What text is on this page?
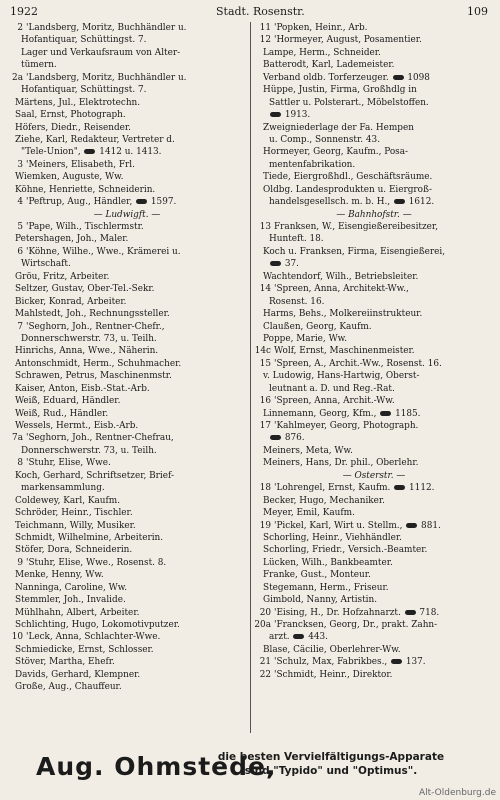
1922	Stadt. Rosenstr.	109
2 'Landsberg, Moritz, Buchhändler u.
Hofantiquar, Schüttingst. 7.
Lager und Verkaufsraum von Alter-
tümern.
2a 'Landsberg, Moritz, Buchhändler u.
Hofantiquar, Schüttingst. 7.
Märtens, Jul., Elektrotechn.
Saal, Ernst, Photograph.
Höfers, Diedr., Reisender.
Ziehe, Karl, Redakteur, Vertreter d.
"Tele-Union",  1412 u. 1413.
3 'Meiners, Elisabeth, Frl.
Wiemken, Auguste, Ww.
Köhne, Henriette, Schneiderin.
4 'Peftrup, Aug., Händler,  1597.
— Ludwigft. —
5 'Pape, Wilh., Tischlermstr.
Petershagen, Joh., Maler.
6 'Köhne, Wilhe., Wwe., Krämerei u.
Wirtschaft.
Gröu, Fritz, Arbeiter.
Seltzer, Gustav, Ober-Tel.-Sekr.
Bicker, Konrad, Arbeiter.
Mahlstedt, Joh., Rechnungssteller.
7 'Seghorn, Joh., Rentner-Chefr.,
Donnerschwerstr. 73, u. Teilh.
Hinrichs, Anna, Wwe., Näherin.
Antonschmidt, Herm., Schuhmacher.
Schrawen, Petrus, Maschinenmstr.
Kaiser, Anton, Eisb.-Stat.-Arb.
Weiß, Eduard, Händler.
Weiß, Rud., Händler.
Wessels, Hermt., Eisb.-Arb.
7a 'Seghorn, Joh., Rentner-Chefrau,
Donnerschwerstr. 73, u. Teilh.
8 'Stuhr, Elise, Wwe.
Koch, Gerhard, Schriftsetzer, Brief-
markensammlung.
Coldewey, Karl, Kaufm.
Schröder, Heinr., Tischler.
Teichmann, Willy, Musiker.
Schmidt, Wilhelmine, Arbeiterin.
Stöfer, Dora, Schneiderin.
9 'Stuhr, Elise, Wwe., Rosenst. 8.
Menke, Henny, Ww.
Nanninga, Caroline, Ww.
Stemmler, Joh., Invalide.
Mühlhahn, Albert, Arbeiter.
Schlichting, Hugo, Lokomotivputzer.
10 'Leck, Anna, Schlachter-Wwe.
Schmiedicke, Ernst, Schlosser.
Stöver, Martha, Ehefr.
Davids, Gerhard, Klempner.
Große, Aug., Chauffeur.
11 'Popken, Heinr., Arb.
12 'Hormeyer, August, Posamentier.
Lampe, Herm., Schneider.
Batterodt, Karl, Lademeister.
Verband oldb. Torferzeuger.  1098
Hüppe, Justin, Firma, Großhdlg in
Sattler u. Polsterart., Möbelstoffen.
1913.
Zweigniederlage der Fa. Hempen
u. Comp., Sonnenstr. 43.
Hormeyer, Georg, Kaufm., Posa-
mentenfabrikation.
Tiede, Eiergroßhdl., Geschäftsräume.
Oldbg. Landesprodukten u. Eiergroß-
handelsgesellsch. m. b. H.,  1612.
— Bahnhofstr. —
13 Franksen, W., Eisengießereibesitzer,
Hunteft. 18.
Koch u. Franksen, Firma, Eisengießerei,
37.
Wachtendorf, Wilh., Betriebsleiter.
14 'Spreen, Anna, Architekt-Ww.,
Rosenst. 16.
Harms, Behs., Molkereiinstrukteur.
Claußen, Georg, Kaufm.
Poppe, Marie, Ww.
14c Wolf, Ernst, Maschinenmeister.
15 'Spreen, A., Archit.-Ww., Rosenst. 16.
v. Ludowig, Hans-Hartwig, Oberst-
leutnant a. D. und Reg.-Rat.
16 'Spreen, Anna, Archit.-Ww.
Linnemann, Georg, Kfm.,  1185.
17 'Kahlmeyer, Georg, Photograph.
876.
Meiners, Meta, Ww.
Meiners, Hans, Dr. phil., Oberlehr.
— Osterstr. —
18 'Lohrengel, Ernst, Kaufm.  1112.
Becker, Hugo, Mechaniker.
Meyer, Emil, Kaufm.
19 'Pickel, Karl, Wirt u. Stellm.,  881.
Schorling, Heinr., Viehhändler.
Schorling, Friedr., Versich.-Beamter.
Lücken, Wilh., Bankbeamter.
Franke, Gust., Monteur.
Stegemann, Herm., Friseur.
Gimbold, Nanny, Artistin.
20 'Eising, H., Dr. Hofzahnarzt.  718.
20a 'Francksen, Georg, Dr., prakt. Zahn-
arzt.  443.
Blase, Cäcilie, Oberlehrer-Ww.
21 'Schulz, Max, Fabrikbes.,  137.
22 'Schmidt, Heinr., Direktor.
Aug. Ohmstede,
die besten Vervielfältigungs-Apparate
sind "Typido" und "Optimus".
Alt-Oldenburg.de
